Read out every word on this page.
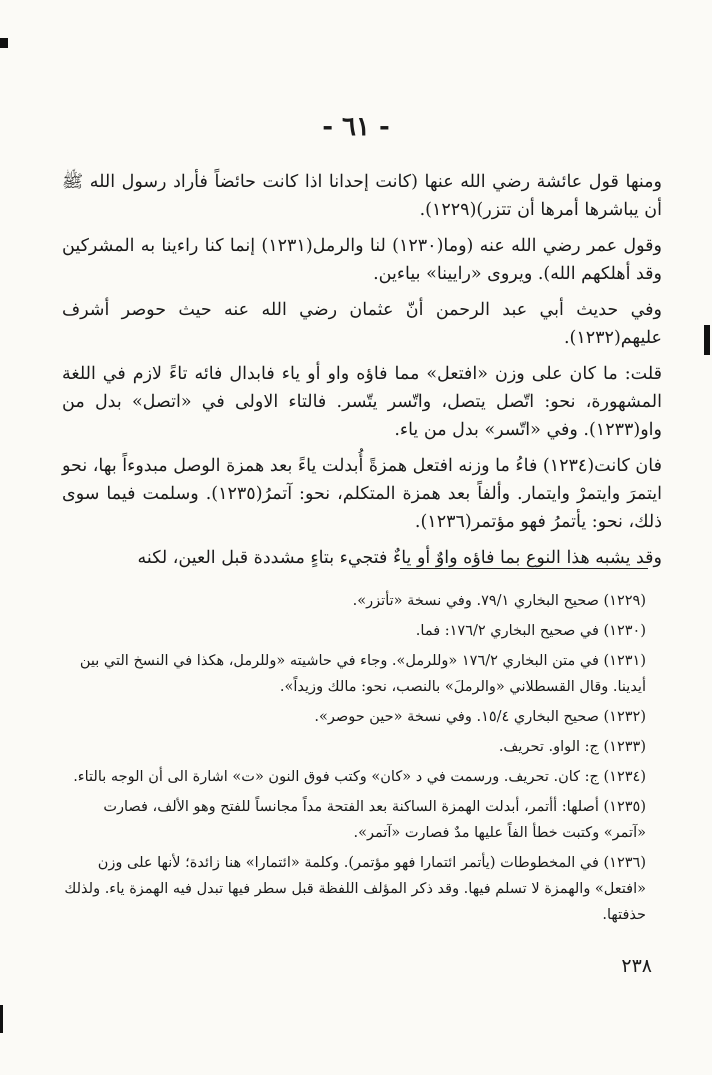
- ٦١ -

ومنها قول عائشة رضي الله عنها (كانت إحدانا اذا كانت حائضاً فأراد رسول الله ﷺ أن يباشرها أمرها أن تتزر)(١٢٢٩).

وقول عمر رضي الله عنه (وما(١٢٣٠) لنا والرمل(١٢٣١) إنما كنا راءينا به المشركين وقد أهلكهم الله). ويروى «رايينا» بياءين.

وفي حديث أبي عبد الرحمن أنّ عثمان رضي الله عنه حيث حوصر أشرف عليهم(١٢٣٢).

قلت: ما كان على وزن «افتعل» مما فاؤه واو أو ياء فابدال فائه تاءً لازم في اللغة المشهورة، نحو: اتّصل يتصل، واتّسر يتّسر. فالتاء الاولى في «اتصل» بدل من واو(١٢٣٣). وفي «اتّسر» بدل من ياء.

فان كانت(١٢٣٤) فاءُ ما وزنه افتعل همزةً أُبدلت ياءً بعد همزة الوصل مبدوءاً بها، نحو ايتمرَ وايتمرْ وايتمار. وألفاً بعد همزة المتكلم، نحو: آتمرُ(١٢٣٥). وسلمت فيما سوى ذلك، نحو: يأتمرُ فهو مؤتمر(١٢٣٦).

وقد يشبه هذا النوع بما فاؤه واوٌ أو ياءٌ فتجيء بتاءٍ مشددة قبل العين، لكنه

(١٢٢٩) صحيح البخاري ٧٩/١. وفي نسخة «تأتزر».

(١٢٣٠) في صحيح البخاري ١٧٦/٢: فما.

(١٢٣١) في متن البخاري ١٧٦/٢ «وللرمل». وجاء في حاشيته «وللرمل، هكذا في النسخ التي بين أيدينا. وقال القسطلاني «والرملَ» بالنصب، نحو: مالك وزيداً».

(١٢٣٢) صحيح البخاري ١٥/٤. وفي نسخة «حين حوصر».

(١٢٣٣) ج: الواو. تحريف.

(١٢٣٤) ج: كان. تحريف. ورسمت في د «كان» وكتب فوق النون «ت» اشارة الى أن الوجه بالتاء.

(١٢٣٥) أصلها: أأتمر، أبدلت الهمزة الساكنة بعد الفتحة مداً مجانساً للفتح وهو الألف، فصارت «آتمر» وكتبت خطأ الفاً عليها مدٌ فصارت «آتمر».

(١٢٣٦) في المخطوطات (يأتمر ائتمارا فهو مؤتمر). وكلمة «ائتمارا» هنا زائدة؛ لأنها على وزن «افتعل» والهمزة لا تسلم فيها. وقد ذكر المؤلف اللفظة قبل سطر فيها تبدل فيه الهمزة ياء. ولذلك حذفتها.

٢٣٨
